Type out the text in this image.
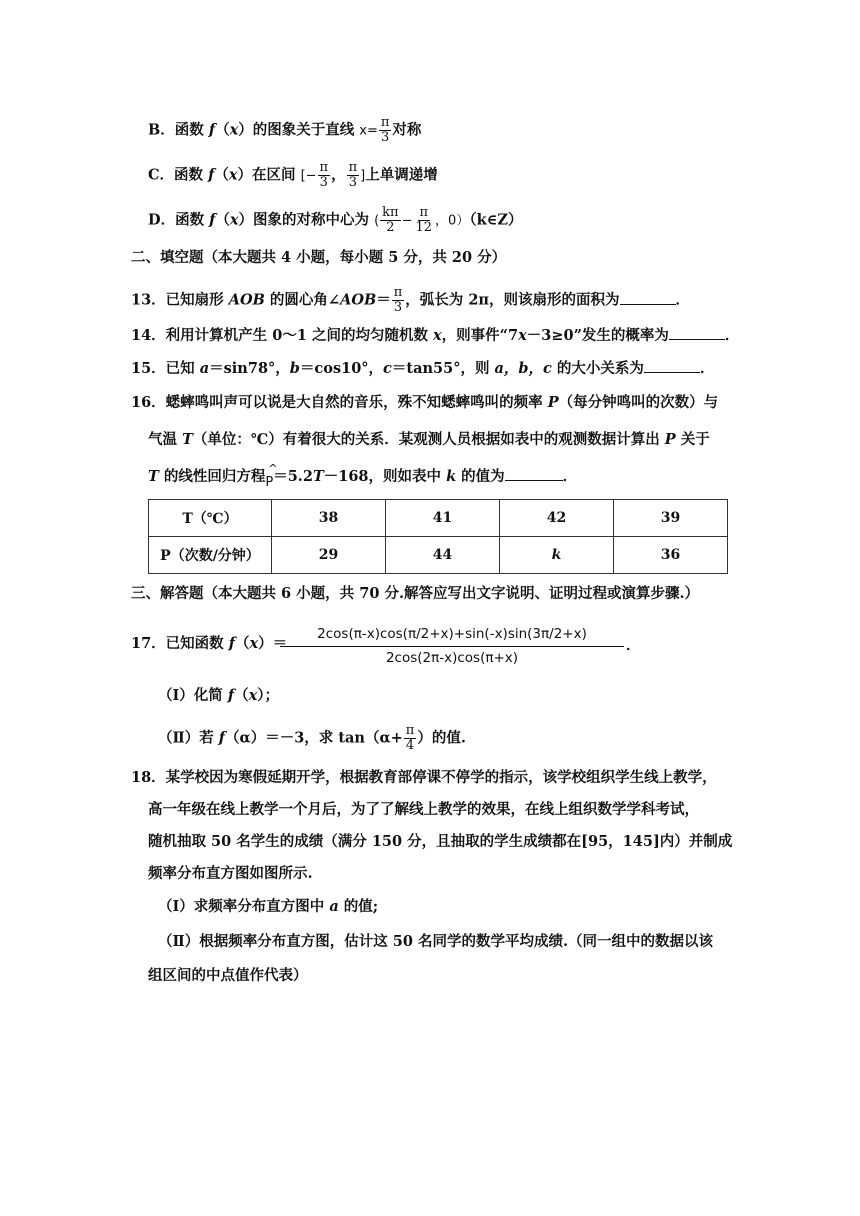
B．函数 f（x）的图象关于直线 $x= \frac{\pi}{3}$ 对称
C．函数 f（x）在区间 [− $\frac{\pi}{3}$ ， $\frac{\pi}{3}$ ]上单调递增
D．函数 f（x）图象的对称中心为 ( $\frac{k\pi}{2} - \frac{\pi}{12}$ ，0）（k∈Z）
二、填空题（本大题共 4 小题，每小题 5 分，共 20 分）
13．已知扇形 AOB 的圆心角∠AOB＝ $\frac{\pi}{3}$ ，弧长为 2π，则该扇形的面积为	．
14．利用计算机产生 0～1 之间的均匀随机数 x，则事件“7x－3≥0”发生的概率为	．
15．已知 a＝sin78°，b＝cos10°，c＝tan55°，则 a，b，c 的大小关系为	．
16．蟋蟀鸣叫声可以说是大自然的音乐，殊不知蟋蟀鸣叫的频率 P（每分钟鸣叫的次数）与
气温 T（单位：℃）有着很大的关系．某观测人员根据如表中的观测数据计算出 P 关于
T 的线性回归方程 ^
P＝5.2T－168，则如表中 k 的值为	．
T（℃）	38	41	42	39
P（次数/分钟）	29	44	k	36
三、解答题（本大题共 6 小题，共 70 分.解答应写出文字说明、证明过程或演算步骤.）
17．已知函数 f（x）＝
2cos(π-x)cos(π/2+x)+sin(-x)sin(3π/2+x)
2cos(2π-x)cos(π+x)
．
（Ⅰ）化简 f（x）；
（Ⅱ）若 f（α）＝－3，求 $\tan(\alpha+ \frac{\pi}{4}$ ）的值.
18．某学校因为寒假延期开学，根据教育部停课不停学的指示，该学校组织学生线上教学，
高一年级在线上教学一个月后，为了了解线上教学的效果，在线上组织数学学科考试，
随机抽取 50 名学生的成绩（满分 150 分，且抽取的学生成绩都在[95，145]内）并制成
频率分布直方图如图所示.
（Ⅰ）求频率分布直方图中 a 的值;
（Ⅱ）根据频率分布直方图，估计这 50 名同学的数学平均成绩.（同一组中的数据以该
组区间的中点值作代表）
